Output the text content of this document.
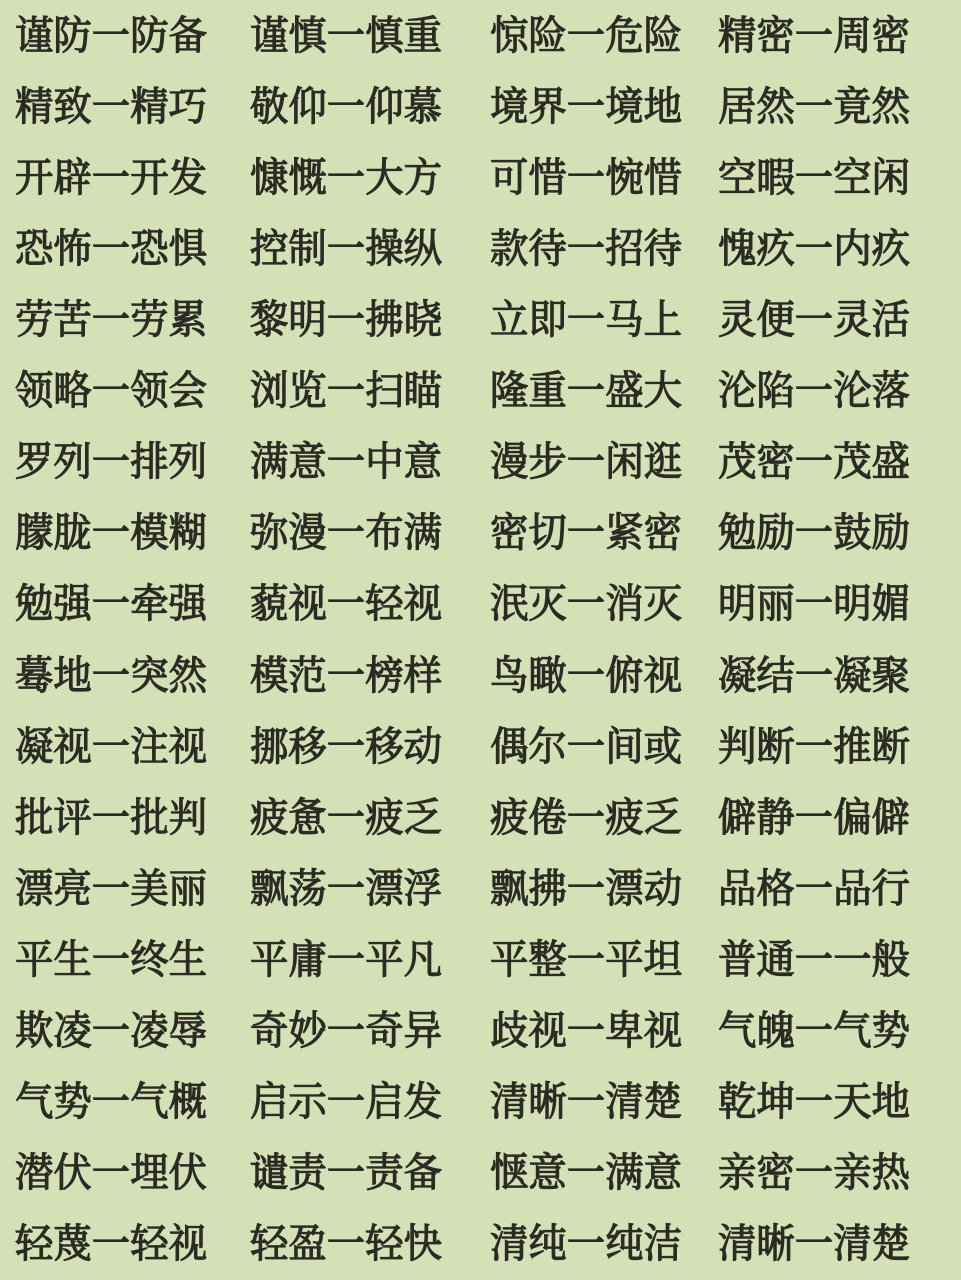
谨防一防备	谨慎一慎重	惊险一危险 精密一周密
精致一精巧	敬仰一仰慕	境界一境地 居然一竟然
开辟一开发	慷慨一大方	可惜一惋惜 空暇一空闲
恐怖一恐惧	控制一操纵	款待一招待 愧疚一内疚
劳苦一劳累	黎明一拂晓	立即一马上 灵便一灵活
领略一领会	浏览一扫瞄	隆重一盛大 沦陷一沦落
罗列一排列	满意一中意	漫步一闲逛 茂密一茂盛
朦胧一模糊	弥漫一布满	密切一紧密 勉励一鼓励
勉强一牵强	藐视一轻视	泯灭一消灭 明丽一明媚
蓦地一突然	模范一榜样	鸟瞰一俯视 凝结一凝聚
凝视一注视	挪移一移动	偶尔一间或 判断一推断
批评一批判	疲惫一疲乏	疲倦一疲乏 僻静一偏僻
漂亮一美丽	飘荡一漂浮	飘拂一漂动 品格一品行
平生一终生	平庸一平凡	平整一平坦 普通一一般
欺凌一凌辱	奇妙一奇异	歧视一卑视 气魄一气势
气势一气概	启示一启发	清晰一清楚 乾坤一天地
潜伏一埋伏	谴责一责备	惬意一满意 亲密一亲热
轻蔑一轻视	轻盈一轻快	清纯一纯洁 清晰一清楚
